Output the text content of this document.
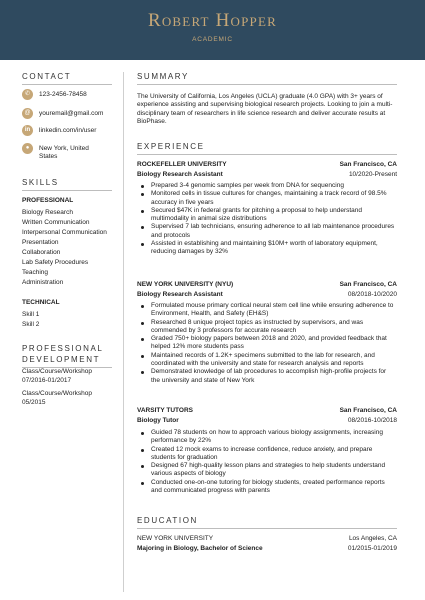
Robert Hopper
ACADEMIC
CONTACT
✆	123-2456-78458
@	youremail@gmail.com
in	linkedin.com/in/user
●	New York, United
States
SKILLS
PROFESSIONAL
Biology Research
Written Communication
Interpersonal Communication
Presentation
Collaboration
Lab Safety Procedures
Teaching
Administration
TECHNICAL
Skill 1
Skill 2
PROFESSIONAL
DEVELOPMENT
Class/Course/Workshop
07/2016-01/2017
Class/Course/Workshop
05/2015
SUMMARY
The University of California, Los Angeles (UCLA) graduate (4.0 GPA) with 3+ years of experience assisting and supervising biological research projects. Looking to join a multi-disciplinary team of researchers in life science research and deliver accurate results at BioPhase.
EXPERIENCE
ROCKEFELLER UNIVERSITY	San Francisco, CA
Biology Research Assistant	10/2020-Present
Prepared 3-4 genomic samples per week from DNA for sequencing
Monitored cells in tissue cultures for changes, maintaining a track record of 98.5% accuracy in five years
Secured $47K in federal grants for pitching a proposal to help understand multimodality in animal size distributions
Supervised 7 lab technicians, ensuring adherence to all lab maintenance procedures and protocols
Assisted in establishing and maintaining $10M+ worth of laboratory equipment, reducing damages by 32%
NEW YORK UNIVERSITY (NYU)	San Francisco, CA
Biology Research Assistant	08/2018-10/2020
Formulated mouse primary cortical neural stem cell line while ensuring adherence to Environment, Health, and Safety (EH&S)
Researched 8 unique project topics as instructed by supervisors, and was commended by 3 professors for accurate research
Graded 750+ biology papers between 2018 and 2020, and provided feedback that helped 12% more students pass
Maintained records of 1.2K+ specimens submitted to the lab for research, and coordinated with the university and state for research analysis and reports
Demonstrated knowledge of lab procedures to accomplish high-profile projects for the university and state of New York
VARSITY TUTORS	San Francisco, CA
Biology Tutor	08/2016-10/2018
Guided 78 students on how to approach various biology assignments, increasing performance by 22%
Created 12 mock exams to increase confidence, reduce anxiety, and prepare students for graduation
Designed 67 high-quality lesson plans and strategies to help students understand various aspects of biology
Conducted one-on-one tutoring for biology students, created performance reports and communicated progress with parents
EDUCATION
NEW YORK UNIVERSITY	Los Angeles, CA
Majoring in Biology, Bachelor of Science	01/2015-01/2019
